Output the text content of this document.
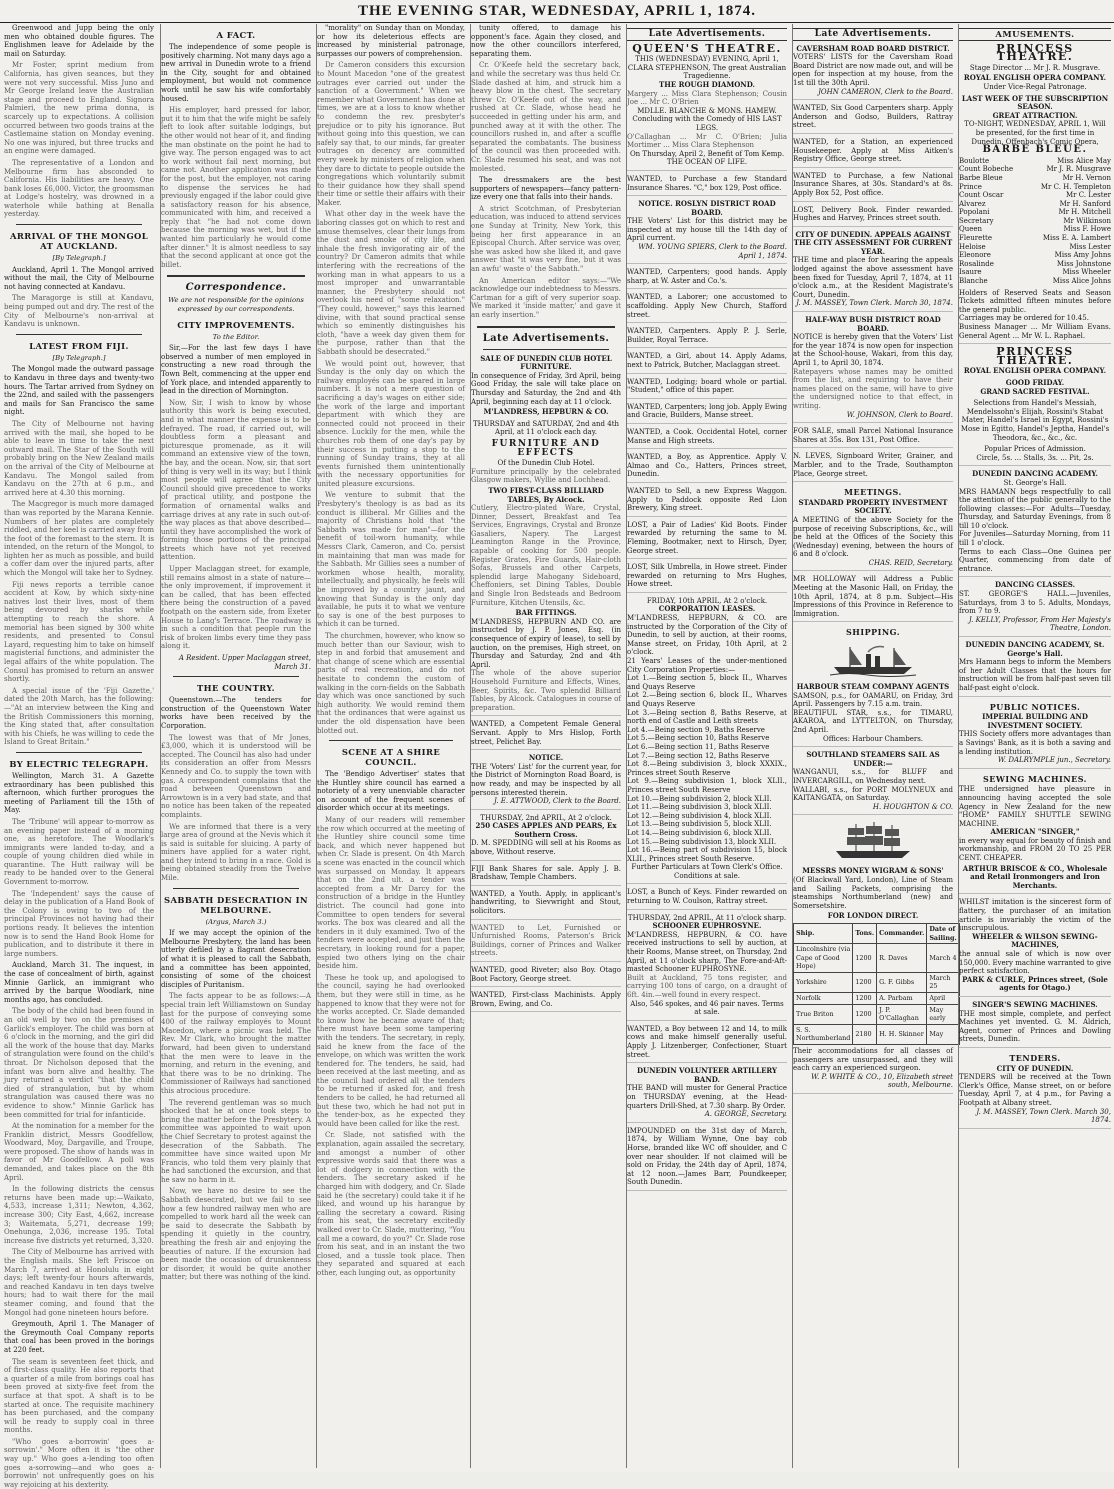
THE EVENING STAR, WEDNESDAY, APRIL 1, 1874.

Greenwood and Jupp being the only men who obtained double figures. The Englishmen leave for Adelaide by the mail on Saturday.

Mr Foster, sprint medium from California, has given seances, but they were not very successful. Miss Juno and Mr George Ireland leave the Australian stage and proceed to England. Signora Palmieri, the new prima donna, is scarcely up to expectations. A collision occurred between two goods trains at the Castlemaine station on Monday evening. No one was injured, but three trucks and an engine were damaged.

The representative of a London and Melbourne firm has absconded to California. His liabilities are heavy. One bank loses £6,000. Victor, the groomsman at Lodge's hostelry, was drowned in a waterhole while bathing at Benalla yesterday.

ARRIVAL OF THE MONGOL AT AUCKLAND.
[By Telegraph.]

Auckland, April 1. The Mongol arrived without the mail, the City of Melbourne not having connected at Kandavu.

The Maragorge is still at Kandavu, being pumped out and dry. The rest of the City of Melbourne's non-arrival at Kandavu is unknown.

LATEST FROM FIJI.
[By Telegraph.]

The Mongol made the outward passage to Kandavu in three days and twenty-two hours. The Tartar arrived from Sydney on the 22nd, and sailed with the passengers and mails for San Francisco the same night.

The City of Melbourne not having arrived with the mail, she hoped to be able to leave in time to take the next outward mail. The Star of the South will probably bring on the New Zealand mails on the arrival of the City of Melbourne at Kandavu. The Mongol sailed from Kandavu on the 27th at 6 p.m., and arrived here at 4.30 this morning.

The Macgregor is much more damaged than was reported by the Marana Kennie. Numbers of her plates are completely riddled, and her keel is carried away from the foot of the foremast to the stern. It is intended, on the return of the Mongol, to lighten her as much as possible, and build a coffer dam over the injured parts, after which the Mongol will take her to Sydney.

Fiji news reports a terrible canoe accident at Kow, by which sixty-nine natives lost their lives, most of them being devoured by sharks while attempting to reach the shore. A memorial has been signed by 300 white residents, and presented to Consul Layard, requesting him to take on himself magisterial functions, and administer the legal affairs of the white population. The Consul has promised to return an answer shortly.

A special issue of the 'Fiji Gazette,' dated the 20th March, has the following:—"At an interview between the King and the British Commissioners this morning, the King stated that, after consultation with his Chiefs, he was willing to cede the Island to Great Britain."

BY ELECTRIC TELEGRAPH.

Wellington, March 31. A Gazette extraordinary has been published this afternoon, which further prorogues the meeting of Parliament till the 15th of May.

The 'Tribune' will appear to-morrow as an evening paper instead of a morning one, as heretofore. The Woodlark's immigrants were landed to-day, and a couple of young children died while in quarantine. The Hutt railway will be ready to be handed over to the General Government to-morrow.

The 'Independent' says the cause of delay in the publication of a Hand Book of the Colony is owing to two of the principal Provinces not having had their portions ready. It believes the intention now is to send the Hand Book Home for publication, and to distribute it there in large numbers.

Auckland, March 31. The inquest, in the case of concealment of birth, against Minnie Garlick, an immigrant who arrived by the barque Woodlark, nine months ago, has concluded.

The body of the child had been found in an old well by two on the premises of Garlick's employer. The child was born at 6 o'clock in the morning, and the girl did all the work of the house that day. Marks of strangulation were found on the child's throat. Dr Nicholson deposed that the infant was born alive and healthy. The jury returned a verdict "that the child died of strangulation, but by whom strangulation was caused there was no evidence to show." Minnie Garlick has been committed for trial for infanticide.

At the nomination for a member for the Franklin district, Messrs Goodfellow, Woodward, Moy, Dargaville, and Troupe, were proposed. The show of hands was in favor of Mr Goodfellow. A poll was demanded, and takes place on the 8th April.

In the following districts the census returns have been made up:—Waikato, 4,533, increase 1,311; Newton, 4,362, increase 300; City East, 4,662, increase 3; Waitemata, 5,271, decrease 199; Onehunga, 2,036, increase 195. Total increase five districts yet returned, 3,320.

The City of Melbourne has arrived with the English mails. She left Friscoe on March 7, arrived at Honolulu in eight days; left twenty-four hours afterwards, and reached Kandavu in ten days twelve hours; had to wait there for the mail steamer coming, and found that the Mongol had gone nineteen hours before.

Greymouth, April 1. The Manager of the Greymouth Coal Company reports that coal has been proved in the borings at 220 feet.

The seam is seventeen feet thick, and of first-class quality. He also reports that a quarter of a mile from borings coal has been proved at sixty-five feet from the surface at that spot. A shaft is to be started at once. The requisite machinery has been purchased, and the company will be ready to supply coal in three months.

"Who goes a-borrowin' goes a-sorrowin'." More often it is "the other way up." Who goes a-lending too often goes a-sorrowing—and who goes a-borrowin' not unfrequently goes on his way rejoicing at his dexterity.

A FACT.

The independence of some people is positively charming. Not many days ago a new arrival in Dunedin wrote to a friend in the City, sought for and obtained employment, but would not commence work until he saw his wife comfortably housed.

His employer, hard pressed for labor, put it to him that the wife might be safely left to look after suitable lodgings, but the other would not hear of it, and finding the man obstinate on the point he had to give way. The person engaged was to act to work without fail next morning, but came not. Another application was made for the post, but the employer, not caring to dispense the services he had previously engaged if the labor could give a satisfactory reason for his absence, communicated with him, and received a reply that "he had not come down because the morning was wet, but if the wanted him particularly he would come after dinner." It is almost needless to say that the second applicant at once got the billet.

Correspondence.
We are not responsible for the opinions expressed by our correspondents.
CITY IMPROVEMENTS.
To the Editor.

Sir,—For the last few days I have observed a number of men employed in constructing a new road through the Town Belt, commencing at the upper end of York place, and intended apparently to lead in the direction of Mornington.

Now, Sir, I wish to know by whose authority this work is being executed, and in what manner the expense is to be defrayed. The road, if carried out, will doubtless form a pleasant and picturesque promenade, as it will command an extensive view of the town, the bay, and the ocean. Now, sir, that sort of thing is very well in its way; but I think most people will agree that the City Council should give precedence to works of practical utility, and postpone the formation of ornamental walks and carriage drives at any rate in such out-of-the way places as that above described—until they have accomplished the work of forming those portions of the principal streets which have not yet received attention.

Upper Maclaggan street, for example, still remains almost in a state of nature—the only improvement, if improvement it can be called, that has been effected there being the construction of a paved footpath on the eastern side, from Exeter House to Lang's Terrace. The roadway is in such a condition that people run the risk of broken limbs every time they pass along it.

A Resident. Upper Maclaggan street, March 31.

THE COUNTRY.

Queenstown.—The tenders for construction of the Queenstown Water works have been received by the Corporation.

The lowest was that of Mr Jones, £3,000, which it is understood will be accepted. The Council has also had under its consideration an offer from Messrs Kennedy and Co. to supply the town with gas. A correspondent complains that the road between Queenstown and Arrowtown is in a very bad state, and that no notice has been taken of the repeated complaints.

We are informed that there is a very large area of ground at the Nevis which it is said is suitable for sluicing. A party of miners have applied for a water right, and they intend to bring in a race. Gold is being obtained steadily from the Twelve Mile.

SABBATH DESECRATION IN MELBOURNE.
(Argus, March 3.)

If we may accept the opinion of the Melbourne Presbytery, the land has been utterly defiled by a flagrant desecration of what it is pleased to call the Sabbath, and a committee has been appointed, consisting of some of the choicest disciples of Puritanism.

The facts appear to be as follows:—A special train left Williamstown on Sunday last for the purpose of conveying some 400 of the railway employés to Mount Macedon, where a picnic was held. The Rev. Mr Clark, who brought the matter forward, had been given to understand that the men were to leave in the morning, and return in the evening, and that there was to be no drinking. The Commissioner of Railways had sanctioned this atrocious procedure.

The reverend gentleman was so much shocked that he at once took steps to bring the matter before the Presbytery. A committee was appointed to wait upon the Chief Secretary to protest against the desecration of the Sabbath. The committee have since waited upon Mr Francis, who told them very plainly that he had sanctioned the excursion, and that he saw no harm in it.

Now, we have no desire to see the Sabbath desecrated, but we fail to see how a few hundred railway men who are compelled to work hard all the week can be said to desecrate the Sabbath by spending it quietly in the country, breathing the fresh air and enjoying the beauties of nature. If the excursion had been made the occasion of drunkenness or disorder, it would be quite another matter; but there was nothing of the kind.

"morality" on Sunday than on Monday, or how its deleterious effects are increased by ministerial patronage, surpasses our powers of comprehension.

Dr Cameron considers this excursion to Mount Macedon "one of the greatest outrages ever carried out under the sanction of a Government." When we remember what Government has done at times, we are at a loss to know whether to condemn the rev. presbyter's prejudice or to pity his ignorance. But without going into this question, we can safely say that, to our minds, far greater outrages on decency are committed every week by ministers of religion when they dare to dictate to people outside the congregations which voluntarily submit to their guidance how they shall spend their time or settle their affairs with their Maker.

What other day in the week have the laboring classes got on which to rest and amuse themselves, clear their lungs from the dust and smoke of city life, and inhale the fresh invigorating air of the country? Dr Cameron admits that while interfering with the recreations of the working man in what appears to us a most improper and unwarrantable manner, the Presbytery should not overlook his need of "some relaxation." "They could, however," says this learned divine, with that sound practical sense which so eminently distinguishes his cloth, "have a week day given them for the purpose, rather than that the Sabbath should be desecrated."

We would point out, however, that Sunday is the only day on which the railway employés can be spared in large numbers. It is not a mere question of sacrificing a day's wages on either side; the work of the large and important department with which they are connected could not proceed in their absence. Luckily for the men, while the churches rob them of one day's pay by their success in putting a stop to the running of Sunday trains, they at all events furnished them unintentionally with the necessary opportunities for united pleasure excursions.

We venture to submit that the Presbytery's theology is as bad as its conduct is illiberal. Mr Gillies and the majority of Christians hold that "the Sabbath was made for man"—for the benefit of toil-worn humanity, while Messrs Clark, Cameron, and Co. persist in maintaining that man was made for the Sabbath. Mr Gillies sees a number of workmen whose health, morality, intellectually, and physically, he feels will be improved by a country jaunt, and knowing that Sunday is the only day available, he puts it to what we venture to say is one of the best purposes to which it can be turned.

The churchmen, however, who know so much better than our Saviour, wish to step in and forbid that amusement and that change of scene which are essential parts of real recreation, and do not hesitate to condemn the custom of walking in the corn-fields on the Sabbath day which was once sanctioned by such high authority. We would remind them that the ordinances that were against us under the old dispensation have been blotted out.

SCENE AT A SHIRE COUNCIL.

The 'Bendigo Advertiser' states that the Huntley shire council has earned a notoriety of a very unenviable character on account of the frequent scenes of disorder which occur at its meetings.

Many of our readers will remember the row which occurred at the meeting of the Huntley shire council some time back, and which never happened but when Cr. Slade is present. On 4th March a scene was enacted in the council which was surpassed on Monday. It appears that on the 2nd ult. a tender was accepted from a Mr Darcy for the construction of a bridge in the Huntley district. The council had gone into Committee to open tenders for several works. The box was cleared and all the tenders in it duly examined. Two of the tenders were accepted, and just then the secretary, in looking round for a paper, espied two others lying on the chair beside him.

These he took up, and apologised to the council, saying he had overlooked them, but they were still in time, as he happened to know that they were not for the works accepted. Cr. Slade demanded to know how he became aware of that; there must have been some tampering with the tenders. The secretary, in reply, said he knew from the face of the envelope, on which was written the work tendered for. The tenders, he said, had been received at the last meeting, and as the council had ordered all the tenders to be returned if asked for, and fresh tenders to be called, he had returned all but these two, which he had not put in the tender-box, as he expected they would have been called for like the rest.

Cr. Slade, not satisfied with the explanation, again assailed the secretary, and amongst a number of other expressive words said that there was a lot of dodgery in connection with the tenders. The secretary asked if he charged him with dodgery, and Cr. Slade said he (the secretary) could take it if he liked, and wound up his harangue by calling the secretary a coward. Rising from his seat, the secretary excitedly walked over to Cr. Slade, muttering, "You call me a coward, do you?" Cr. Slade rose from his seat, and in an instant the two closed, and a tussle took place. Then they separated and squared at each other, each lunging out, as opportunity

tunity offered, to damage his opponent's face. Again they closed, and now the other councillors interfered, separating them.

Cr. O'Keefe held the secretary back, and while the secretary was thus held Cr. Slade dashed at him, and struck him a heavy blow in the chest. The secretary threw Cr. O'Keefe out of the way, and rushed at Cr. Slade, whose head he succeeded in getting under his arm, and punched away at it with the other. The councillors rushed in, and after a scuffle separated the combatants. The business of the council was then proceeded with. Cr. Slade resumed his seat, and was not molested.

The dressmakers are the best supporters of newspapers—fancy pattern-ize every one that falls into their hands.

A strict Scotchman, of Presbyterian education, was induced to attend services one Sunday at Trinity, New York, this being her first appearance in an Episcopal Church. After service was over, she was asked how she liked it, and gave answer that "it was very fine, but it was an awfu' waste o' the Sabbath."

An American editor says:—"We acknowledge our indebtedness to Messrs. Cartman for a gift of very superior soap. We marked it 'inside matter,' and gave it an early insertion."

Late Advertisements.
SALE OF DUNEDIN CLUB HOTEL FURNITURE.
In consequence of Friday, 3rd April, being Good Friday, the sale will take place on Thursday and Saturday, the 2nd and 4th April, beginning each day at 11 o'clock.
M'LANDRESS, HEPBURN & CO.
THURSDAY and SATURDAY, 2nd and 4th April, at 11 o'clock each day.
FURNITURE AND EFFECTS
Of the Dunedin Club Hotel.
Furniture principally by the celebrated Glasgow makers, Wyllie and Lochhead.
TWO FIRST-CLASS BILLIARD TABLES, By Alcock.
Cutlery, Electro-plated Ware, Crystal, Dinner, Dessert, Breakfast and Tea Services, Engravings, Crystal and Bronze Gasaliers, Napery. The Largest Leamington Range in the Province, capable of cooking for 500 people. Register Grates, Fire Guards, Hair-cloth Sofas, Brussels and other Carpets, splendid large Mahogany Sideboard, Cheffoniers, set Dining Tables, Double and Single Iron Bedsteads and Bedroom Furniture, Kitchen Utensils, &c.
BAR FITTINGS.
M'LANDRESS, HEPBURN AND CO. are instructed by J. P. Jones, Esq. (in consequence of expiry of lease), to sell by auction, on the premises, High street, on Thursday and Saturday, 2nd and 4th April.
The whole of the above superior Household Furniture and Effects, Wines, Beer, Spirits, &c. Two splendid Billiard Tables, by Alcock. Catalogues in course of preparation.
WANTED, a Competent Female General Servant. Apply to Mrs Hislop, Forth street, Pelichet Bay.
NOTICE.
THE 'Voters' List' for the current year, for the District of Mornington Road Board, is now ready, and may be inspected by all persons interested therein.
J. E. ATTWOOD, Clerk to the Board.
THURSDAY, 2nd APRIL, At 2 o'clock.
250 CASES APPLES AND PEARS, Ex Southern Cross.
D. M. SPEDDING will sell at his Rooms as above, Without reserve.
FIJI Bank Shares for sale. Apply J. B. Bradshaw, Temple Chambers.
WANTED, a Youth. Apply, in applicant's handwriting, to Sievwright and Stout, solicitors.
WANTED to Let, Furnished or Unfurnished Rooms, Paterson's Brick Buildings, corner of Princes and Walker streets.
WANTED, good Riveter; also Boy. Otago Boot Factory, George street.
WANTED, First-class Machinists. Apply Brown, Ewing, and Co.
Late Advertisements.
QUEEN'S THEATRE.
THIS (WEDNESDAY) EVENING, April 1, CLARA STEPHENSON, The great Australian Tragedienne.
THE ROUGH DIAMOND.
Margery ... Miss Clara Stephenson; Cousin Joe ... Mr C. O'Brien
MDLLE. BLANCHE & MONS. HAMEW. Concluding with the Comedy of HIS LAST LEGS.
O'Callaghan ... Mr C. O'Brien; Julia Mortimer ... Miss Clara Stephenson
On Thursday, April 2, Benefit of Tom Kemp. THE OCEAN OF LIFE.
WANTED, to Purchase a few Standard Insurance Shares. "C," box 129, Post office.
NOTICE. ROSLYN DISTRICT ROAD BOARD.
THE Voters' List for this district may be inspected at my house till the 14th day of April current.
WM. YOUNG SPIERS, Clerk to the Board. April 1, 1874.
WANTED, Carpenters; good hands. Apply sharp, at W. Aster and Co.'s.
WANTED, a Laborer; one accustomed to scaffolding. Apply New Church, Stafford street.
WANTED, Carpenters. Apply P. J. Serle, Builder, Royal Terrace.
WANTED, a Girl, about 14. Apply Adams, next to Patrick, Butcher, Maclaggan street.
WANTED, Lodging; board whole or partial. "Student," office of this paper.
WANTED, Carpenters; long job. Apply Ewing and Gracie, Builders, Manse street.
WANTED, a Cook. Occidental Hotel, corner Manse and High streets.
WANTED, a Boy, as Apprentice. Apply V. Almao and Co., Hatters, Princes street, Dunedin.
WANTED to Sell, a new Express Waggon. Apply to Paddock opposite Red Lion Brewery, King street.
LOST, a Pair of Ladies' Kid Boots. Finder rewarded by returning the same to M. Fleming, Bootmaker, next to Hirsch, Dyer, George street.
LOST, Silk Umbrella, in Howe street. Finder rewarded on returning to Mrs Hughes, Howe street.
FRIDAY, 10th APRIL, At 2 o'clock.
CORPORATION LEASES.
M'LANDRESS, HEPBURN, & CO. are instructed by the Corporation of the City of Dunedin, to sell by auction, at their rooms, Manse street, on Friday, 10th April, at 2 o'clock.
21 Years' Leases of the under-mentioned City Corporation Properties:—
Lot 1.—Being section 5, block II., Wharves and Quays Reserve
Lot 2.—Being section 6, block II., Wharves and Quays Reserve
Lot 3.—Being section 8, Baths Reserve, at north end of Castle and Leith streets
Lot 4.—Being section 9, Baths Reserve
Lot 5.—Being section 10, Baths Reserve
Lot 6.—Being section 11, Baths Reserve
Lot 7.—Being section 12, Baths Reserve
Lot 8.—Being subdivision 3, block XXXIX., Princes street South Reserve
Lot 9.—Being subdivision 1, block XLII., Princes street South Reserve
Lot 10.—Being subdivision 2, block XLII.
Lot 11.—Being subdivision 3, block XLII.
Lot 12.—Being subdivision 4, block XLII.
Lot 13.—Being subdivision 5, block XLII.
Lot 14.—Being subdivision 6, block XLII.
Lot 15.—Being subdivision 13, block XLII.
Lot 16.—Being part of subdivision 15, block XLII., Princes street South Reserve.
Further Particulars at Town Clerk's Office. Conditions at sale.
LOST, a Bunch of Keys. Finder rewarded on returning to W. Coulson, Rattray street.
THURSDAY, 2nd APRIL, At 11 o'clock sharp.
SCHOONER EUPHROSYNE.
M'LANDRESS, HEPBURN, & CO. have received instructions to sell by auction, at their Rooms, Manse street, on Thursday, 2nd April, at 11 o'clock sharp, The Fore-and-Aft-masted Schooner EUPHROSYNE.
Built at Auckland, 75 tons register, and carrying 100 tons of cargo, on a draught of 6ft. 4in.—well found in every respect.
Also, 546 spokes, and 46 pair naves. Terms at sale.
WANTED, a Boy between 12 and 14, to milk cows and make himself generally useful. Apply J. Litzenberger, Confectioner, Stuart street.
DUNEDIN VOLUNTEER ARTILLERY BAND.
THE BAND will muster for General Practice on THURSDAY evening, at the Head-quarters Drill-Shed, at 7.30 sharp. By Order.
A. GEORGE, Secretary.
IMPOUNDED on the 31st day of March, 1874, by William Wynne, One bay cob Horse, branded like WC off shoulder, and C over near shoulder. If not claimed will be sold on Friday, the 24th day of April, 1874, at 12 noon.—James Barr, Poundkeeper, South Dunedin.
Late Advertisements.
CAVERSHAM ROAD BOARD DISTRICT.
VOTERS' LISTS for the Caversham Road Board District are now made out, and will be open for inspection at my house, from the 1st till the 30th April.
JOHN CAMERON, Clerk to the Board.
WANTED, Six Good Carpenters sharp. Apply Anderson and Godso, Builders, Rattray street.
WANTED, for a Station, an experienced Housekeeper. Apply at Miss Aitken's Registry Office, George street.
WANTED to Purchase, a few National Insurance Shares, at 30s. Standard's at 8s. Apply Box 52, Post office.
LOST, Delivery Book. Finder rewarded. Hughes and Harvey, Princes street south.
CITY OF DUNEDIN. APPEALS AGAINST THE CITY ASSESSMENT FOR CURRENT YEAR.
THE time and place for hearing the appeals lodged against the above assessment have been fixed for Tuesday, April 7, 1874, at 11 o'clock a.m., at the Resident Magistrate's Court, Dunedin.
J. M. MASSEY, Town Clerk. March 30, 1874.
HALF-WAY BUSH DISTRICT ROAD BOARD.
NOTICE is hereby given that the Voters' List for the year 1874 is now open for inspection at the School-house, Wakari, from this day, April 1, to April 30, 1874.
Ratepayers whose names may be omitted from the list, and requiring to have their names placed on the same, will have to give the undersigned notice to that effect, in writing.
W. JOHNSON, Clerk to Board.
FOR SALE, small Parcel National Insurance Shares at 35s. Box 131, Post Office.
N. LEVES, Signboard Writer, Grainer, and Marbler, and to the Trade, Southampton Place, George street.
MEETINGS.
STANDARD PROPERTY INVESTMENT SOCIETY.
A MEETING of the above Society for the purpose of receiving Subscriptions, &c., will be held at the Offices of the Society this (Wednesday) evening, between the hours of 6 and 8 o'clock.
CHAS. REID, Secretary.
MR HOLLOWAY will Address a Public Meeting at the Masonic Hall, on Friday, the 10th April, 1874, at 8 p.m. Subject—His Impressions of this Province in Reference to Immigration.
SHIPPING.
HARBOUR STEAM COMPANY AGENTS
SAMSON, p.s., for OAMARU, on Friday, 3rd April. Passengers by 7.15 a.m. train.
BEAUTIFUL STAR, s.s., for TIMARU, AKAROA, and LYTTELTON, on Thursday, 2nd April.
Offices: Harbour Chambers.
SOUTHLAND STEAMERS SAIL AS UNDER:—
WANGANUI, s.s., for BLUFF and INVERCARGILL, on Wednesday next.
WALLABI, s.s., for PORT MOLYNEUX and KAITANGATA, on Saturday.
H. HOUGHTON & CO.
MESSRS MONEY WIGRAM & SONS'
(Of Blackwall Yard, London), Line of Steam and Sailing Packets, comprising the steamships Northumberland (new) and Somersetshire.
FOR LONDON DIRECT.
Ship.	Tons.	Commander.	Date of Sailing.
Lincolnshire (via Cape of Good Hope)	1200	R. Daves	March 4
Yorkshire	1200	G. F. Gibbs	March 25
Norfolk	1200	A. Parbam	April
True Briton	1200	J. P. O'Callaghan	May early
S. S. Northumberland	2180	H. H. Skinner	May
Their accommodations for all classes of passengers are unsurpassed, and they will each carry an experienced surgeon.
W. P. WHITE & CO., 10, Elizabeth street south, Melbourne.
AMUSEMENTS.
PRINCESS THEATRE.
Stage Director ... Mr J. R. Musgrave.
ROYAL ENGLISH OPERA COMPANY.
Under Vice-Regal Patronage.
LAST WEEK OF THE SUBSCRIPTION SEASON.
GREAT ATTRACTION.
TO-NIGHT, WEDNESDAY, APRIL 1, Will be presented, for the first time in Dunedin, Offenbach's Comic Opera,
BARBE BLEUE.
Boulotte	Miss Alice May
Count Bobeche	Mr J. R. Musgrave
Barbe Bleue	Mr H. Vernon
Prince	Mr C. H. Templeton
Count Oscar	Mr C. Lester
Alvarez	Mr H. Sanford
Popolani	Mr H. Mitchell
Secretary	Mr Wilkinson
Queen	Miss F. Howe
Fleurette	Miss E. A. Lambert
Heloise	Miss Lester
Eleonore	Miss Amy Johns
Rosalinde	Miss Johnstone
Isaure	Miss Wheeler
Blanche	Miss Alice Johns
Holders of Reserved Seats and Season Tickets admitted fifteen minutes before the general public.
Carriages may be ordered for 10.45.
Business Manager ... Mr William Evans. General Agent ... Mr W. L. Raphael.
PRINCESS THEATRE.
ROYAL ENGLISH OPERA COMPANY.
GOOD FRIDAY.
GRAND SACRED FESTIVAL.
Selections from Handel's Messiah, Mendelssohn's Elijah, Rossini's Stabat Mater, Handel's Israel in Egypt, Rossini's Mose in Egitto, Handel's Jeptha, Handel's Theodora, &c., &c., &c.
Popular Prices of Admission.
Circle, 5s. ... Stalls, 3s. ... Pit, 2s.
DUNEDIN DANCING ACADEMY.
St. George's Hall.
MRS HAMANN begs respectfully to call the attention of the public generally to the following classes:—For Adults—Tuesday, Thursday, and Saturday Evenings, from 8 till 10 o'clock.
For Juveniles—Saturday Morning, from 11 till 1 o'clock.
Terms to each Class—One Guinea per Quarter, commencing from date of entrance.
DANCING CLASSES.
ST. GEORGE'S HALL.—Juveniles, Saturdays, from 3 to 5. Adults, Mondays, from 7 to 9.
J. KELLY, Professor, From Her Majesty's Theatre, London.
DUNEDIN DANCING ACADEMY, St. George's Hall.
Mrs Hamann begs to inform the Members of her Adult Classes that the hours for instruction will be from half-past seven till half-past eight o'clock.
PUBLIC NOTICES.
IMPERIAL BUILDING AND INVESTMENT SOCIETY.
THIS Society offers more advantages than a Savings' Bank, as it is both a saving and a lending institution.
W. DALRYMPLE jun., Secretary.
SEWING MACHINES.
THE undersigned have pleasure in announcing having accepted the sole Agency in New Zealand for the new "HOME" FAMILY SHUTTLE SEWING MACHINE.
AMERICAN "SINGER,"
in every way equal for beauty of finish and workmanship, and FROM 20 TO 25 PER CENT. CHEAPER.
ARTHUR BRISCOE & CO., Wholesale and Retail Ironmongers and Iron Merchants.
WHILST imitation is the sincerest form of flattery, the purchaser of an imitation article is invariably the victim of the unscrupulous.
WHEELER & WILSON SEWING-MACHINES,
the annual sale of which is now over 150,000. Every machine warranted to give perfect satisfaction.
PARK & CURLE, Princes street, (Sole agents for Otago.)
SINGER'S SEWING MACHINES.
THE most simple, complete, and perfect Machines yet invented. G. M. Aldrich, Agent, corner of Princes and Dowling streets, Dunedin.
TENDERS.
CITY OF DUNEDIN.
TENDERS will be received at the Town Clerk's Office, Manse street, on or before Tuesday, April 7, at 4 p.m., for Paving a Footpath at Albany street.
J. M. MASSEY, Town Clerk. March 30, 1874.
